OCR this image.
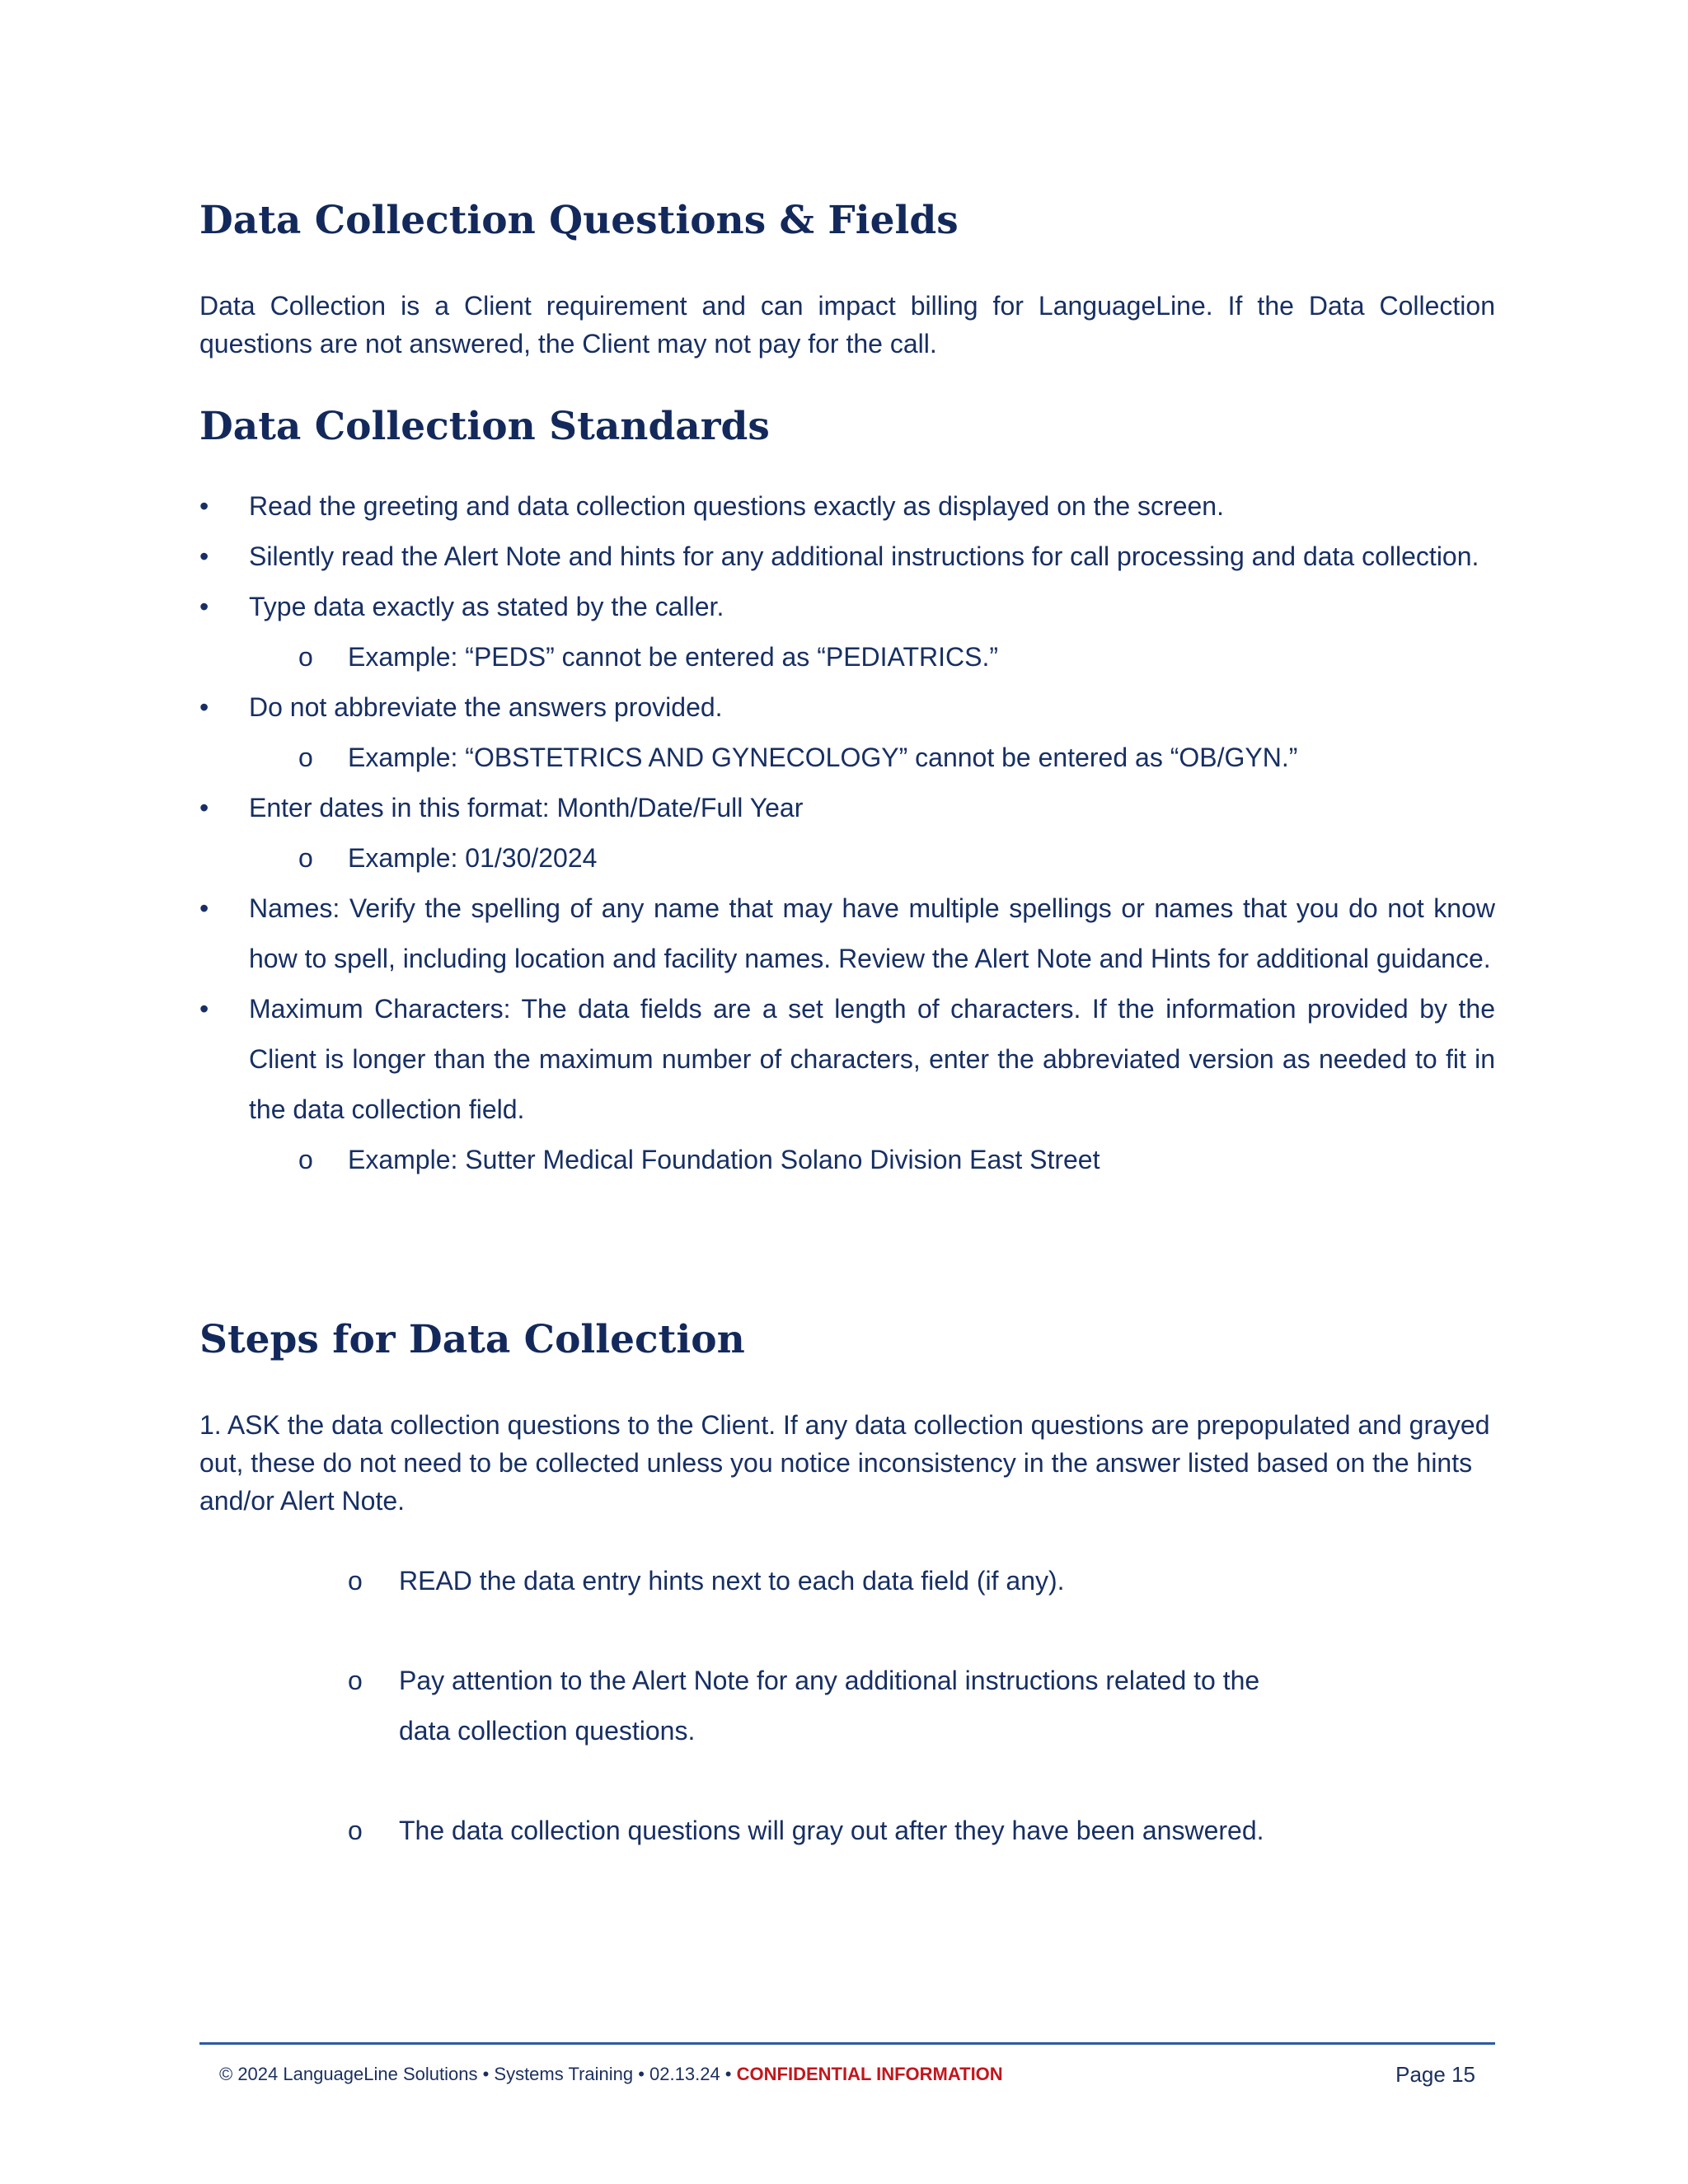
Data Collection Questions & Fields

Data Collection is a Client requirement and can impact billing for LanguageLine. If the Data Collection questions are not answered, the Client may not pay for the call.

Data Collection Standards
• Read the greeting and data collection questions exactly as displayed on the screen.
• Silently read the Alert Note and hints for any additional instructions for call processing and data collection.
• Type data exactly as stated by the caller.
o Example: “PEDS” cannot be entered as “PEDIATRICS.”
• Do not abbreviate the answers provided.
o Example: “OBSTETRICS AND GYNECOLOGY” cannot be entered as “OB/GYN.”
• Enter dates in this format: Month/Date/Full Year
o Example: 01/30/2024
• Names: Verify the spelling of any name that may have multiple spellings or names that you do not know how to spell, including location and facility names. Review the Alert Note and Hints for additional guidance.
• Maximum Characters: The data fields are a set length of characters. If the information provided by the Client is longer than the maximum number of characters, enter the abbreviated version as needed to fit in the data collection field.
o Example: Sutter Medical Foundation Solano Division East Street
Steps for Data Collection

1. ASK the data collection questions to the Client. If any data collection questions are prepopulated and grayed out, these do not need to be collected unless you notice inconsistency in the answer listed based on the hints and/or Alert Note.

o READ the data entry hints next to each data field (if any).
o Pay attention to the Alert Note for any additional instructions related to the data collection questions.
o The data collection questions will gray out after they have been answered.
© 2024 LanguageLine Solutions • Systems Training • 02.13.24 • CONFIDENTIAL INFORMATION	Page 15
